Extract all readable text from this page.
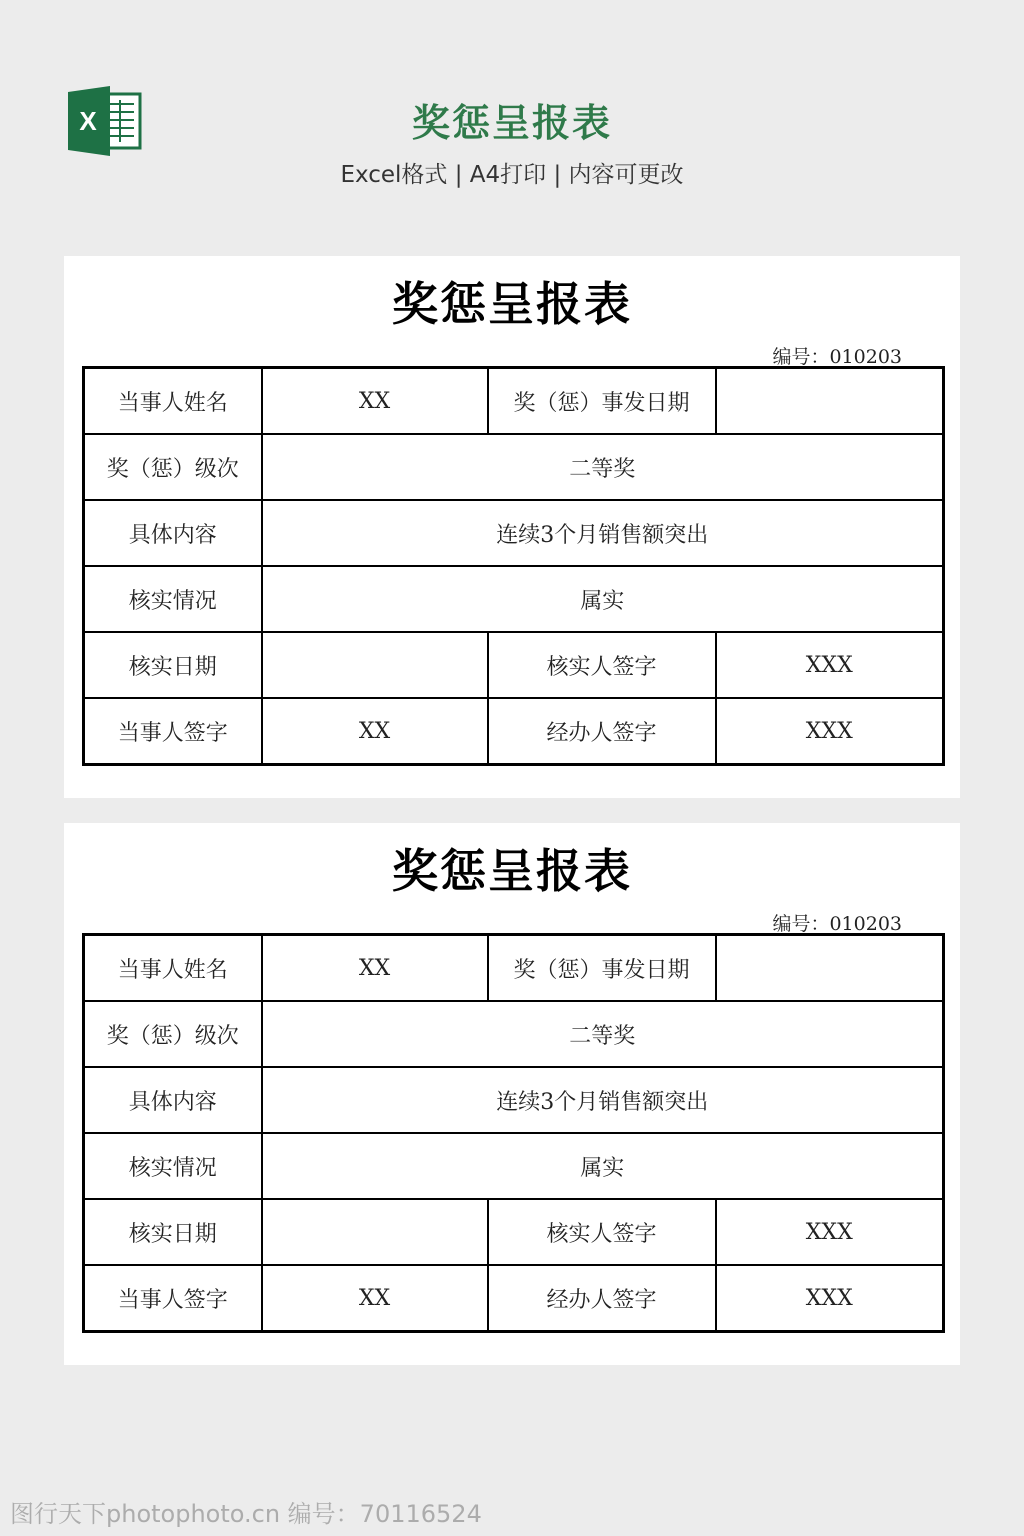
X	奖惩呈报表
Excel格式 | A4打印 | 内容可更改
奖惩呈报表
编号：010203
当事人姓名	XX	奖（惩）事发日期	
奖（惩）级次	二等奖		
具体内容	连续3个月销售额突出		
核实情况	属实		
核实日期		核实人签字	XXX
当事人签字	XX	经办人签字	XXX
奖惩呈报表
编号：010203
当事人姓名	XX	奖（惩）事发日期	
奖（惩）级次	二等奖		
具体内容	连续3个月销售额突出		
核实情况	属实		
核实日期		核实人签字	XXX
当事人签字	XX	经办人签字	XXX
图行天下photophoto.cn 编号：70116524
